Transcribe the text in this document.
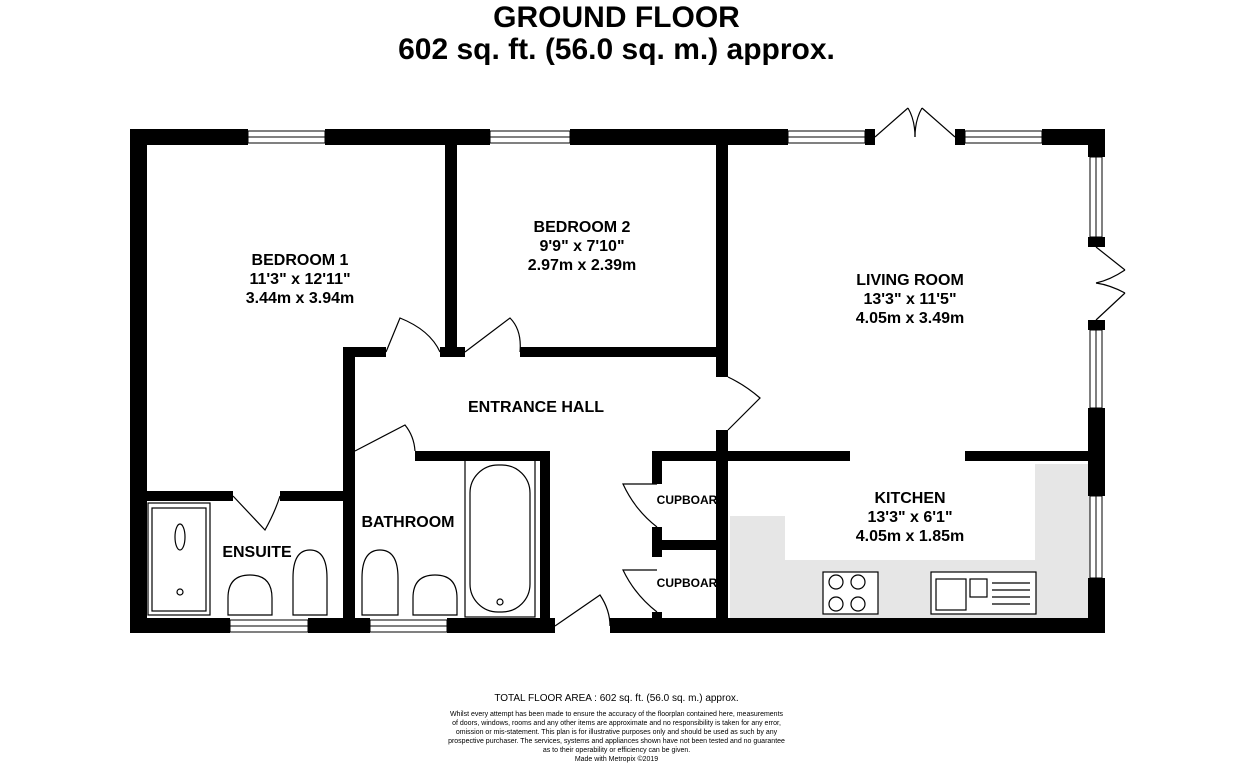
GROUND FLOOR
602 sq. ft. (56.0 sq. m.) approx.
BEDROOM 1
11'3" x 12'11"
3.44m x 3.94m
BEDROOM 2
9'9" x 7'10"
2.97m x 2.39m
LIVING ROOM
13'3" x 11'5"
4.05m x 3.49m
ENTRANCE HALL
KITCHEN
13'3" x 6'1"
4.05m x 1.85m
BATHROOM
ENSUITE
CUPBOAR
CUPBOAR
TOTAL FLOOR AREA : 602 sq. ft. (56.0 sq. m.) approx.
Whilst every attempt has been made to ensure the accuracy of the floorplan contained here, measurements
of doors, windows, rooms and any other items are approximate and no responsibility is taken for any error,
omission or mis-statement. This plan is for illustrative purposes only and should be used as such by any
prospective purchaser. The services, systems and appliances shown have not been tested and no guarantee
as to their operability or efficiency can be given.
Made with Metropix ©2019
